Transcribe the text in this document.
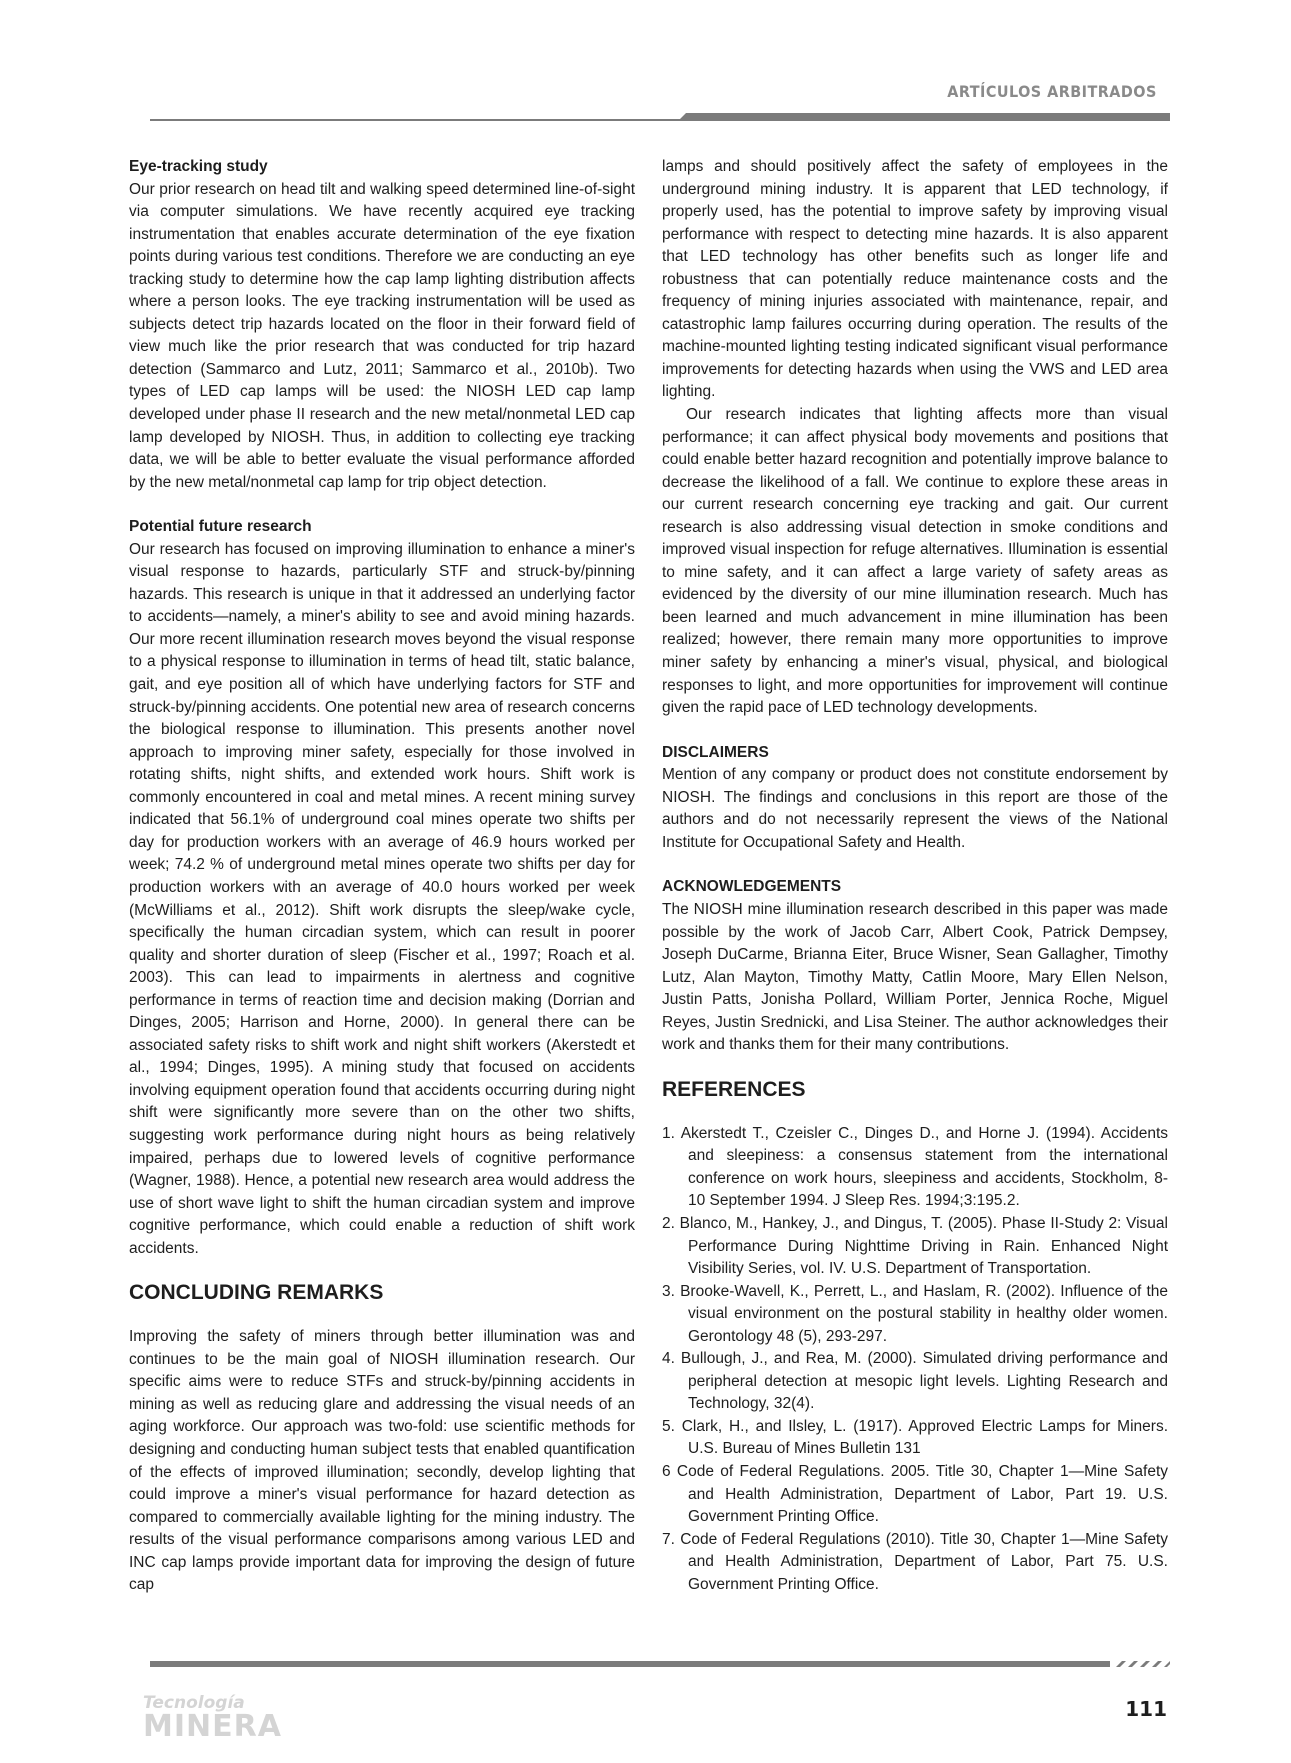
ARTÍCULOS ARBITRADOS

Eye-tracking study

Our prior research on head tilt and walking speed determined line-of-sight via computer simulations. We have recently acquired eye tracking instrumentation that enables accurate determination of the eye fixation points during various test conditions. Therefore we are conducting an eye tracking study to determine how the cap lamp lighting distribution affects where a person looks. The eye tracking instrumentation will be used as subjects detect trip hazards located on the floor in their forward field of view much like the prior research that was conducted for trip hazard detection (Sammarco and Lutz, 2011; Sammarco et al., 2010b). Two types of LED cap lamps will be used: the NIOSH LED cap lamp developed under phase II research and the new metal/nonmetal LED cap lamp developed by NIOSH. Thus, in addition to collecting eye tracking data, we will be able to better evaluate the visual performance afforded by the new metal/nonmetal cap lamp for trip object detection.

Potential future research

Our research has focused on improving illumination to enhance a miner's visual response to hazards, particularly STF and struck-by/pinning hazards. This research is unique in that it addressed an underlying factor to accidents—namely, a miner's ability to see and avoid mining hazards. Our more recent illumination research moves beyond the visual response to a physical response to illumination in terms of head tilt, static balance, gait, and eye position all of which have underlying factors for STF and struck-by/pinning accidents. One potential new area of research concerns the biological response to illumination. This presents another novel approach to improving miner safety, especially for those involved in rotating shifts, night shifts, and extended work hours. Shift work is commonly encountered in coal and metal mines. A recent mining survey indicated that 56.1% of underground coal mines operate two shifts per day for production workers with an average of 46.9 hours worked per week; 74.2 % of underground metal mines operate two shifts per day for production workers with an average of 40.0 hours worked per week (McWilliams et al., 2012). Shift work disrupts the sleep/wake cycle, specifically the human circadian system, which can result in poorer quality and shorter duration of sleep (Fischer et al., 1997; Roach et al. 2003). This can lead to impairments in alertness and cognitive performance in terms of reaction time and decision making (Dorrian and Dinges, 2005; Harrison and Horne, 2000). In general there can be associated safety risks to shift work and night shift workers (Akerstedt et al., 1994; Dinges, 1995). A mining study that focused on accidents involving equipment operation found that accidents occurring during night shift were significantly more severe than on the other two shifts, suggesting work performance during night hours as being relatively impaired, perhaps due to lowered levels of cognitive performance (Wagner, 1988). Hence, a potential new research area would address the use of short wave light to shift the human circadian system and improve cognitive performance, which could enable a reduction of shift work accidents.

CONCLUDING REMARKS

Improving the safety of miners through better illumination was and continues to be the main goal of NIOSH illumination research. Our specific aims were to reduce STFs and struck-by/pinning accidents in mining as well as reducing glare and addressing the visual needs of an aging workforce. Our approach was two-fold: use scientific methods for designing and conducting human subject tests that enabled quantification of the effects of improved illumination; secondly, develop lighting that could improve a miner's visual performance for hazard detection as compared to commercially available lighting for the mining industry. The results of the visual performance comparisons among various LED and INC cap lamps provide important data for improving the design of future cap

lamps and should positively affect the safety of employees in the underground mining industry. It is apparent that LED technology, if properly used, has the potential to improve safety by improving visual performance with respect to detecting mine hazards. It is also apparent that LED technology has other benefits such as longer life and robustness that can potentially reduce maintenance costs and the frequency of mining injuries associated with maintenance, repair, and catastrophic lamp failures occurring during operation. The results of the machine-mounted lighting testing indicated significant visual performance improvements for detecting hazards when using the VWS and LED area lighting.

Our research indicates that lighting affects more than visual performance; it can affect physical body movements and positions that could enable better hazard recognition and potentially improve balance to decrease the likelihood of a fall. We continue to explore these areas in our current research concerning eye tracking and gait. Our current research is also addressing visual detection in smoke conditions and improved visual inspection for refuge alternatives. Illumination is essential to mine safety, and it can affect a large variety of safety areas as evidenced by the diversity of our mine illumination research. Much has been learned and much advancement in mine illumination has been realized; however, there remain many more opportunities to improve miner safety by enhancing a miner's visual, physical, and biological responses to light, and more opportunities for improvement will continue given the rapid pace of LED technology developments.

DISCLAIMERS

Mention of any company or product does not constitute endorsement by NIOSH. The findings and conclusions in this report are those of the authors and do not necessarily represent the views of the National Institute for Occupational Safety and Health.

ACKNOWLEDGEMENTS

The NIOSH mine illumination research described in this paper was made possible by the work of Jacob Carr, Albert Cook, Patrick Dempsey, Joseph DuCarme, Brianna Eiter, Bruce Wisner, Sean Gallagher, Timothy Lutz, Alan Mayton, Timothy Matty, Catlin Moore, Mary Ellen Nelson, Justin Patts, Jonisha Pollard, William Porter, Jennica Roche, Miguel Reyes, Justin Srednicki, and Lisa Steiner. The author acknowledges their work and thanks them for their many contributions.

REFERENCES

1. Akerstedt T., Czeisler C., Dinges D., and Horne J. (1994). Accidents and sleepiness: a consensus statement from the international conference on work hours, sleepiness and accidents, Stockholm, 8-10 September 1994. J Sleep Res. 1994;3:195.2.
2. Blanco, M., Hankey, J., and Dingus, T. (2005). Phase II-Study 2: Visual Performance During Nighttime Driving in Rain. Enhanced Night Visibility Series, vol. IV. U.S. Department of Transportation.
3. Brooke-Wavell, K., Perrett, L., and Haslam, R. (2002). Influence of the visual environment on the postural stability in healthy older women. Gerontology 48 (5), 293-297.
4. Bullough, J., and Rea, M. (2000). Simulated driving performance and peripheral detection at mesopic light levels. Lighting Research and Technology, 32(4).
5. Clark, H., and Ilsley, L. (1917). Approved Electric Lamps for Miners. U.S. Bureau of Mines Bulletin 131
6 Code of Federal Regulations. 2005. Title 30, Chapter 1—Mine Safety and Health Administration, Department of Labor, Part 19. U.S. Government Printing Office.
7. Code of Federal Regulations (2010). Title 30, Chapter 1—Mine Safety and Health Administration, Department of Labor, Part 75. U.S. Government Printing Office.
Tecnología
MINERA	111
